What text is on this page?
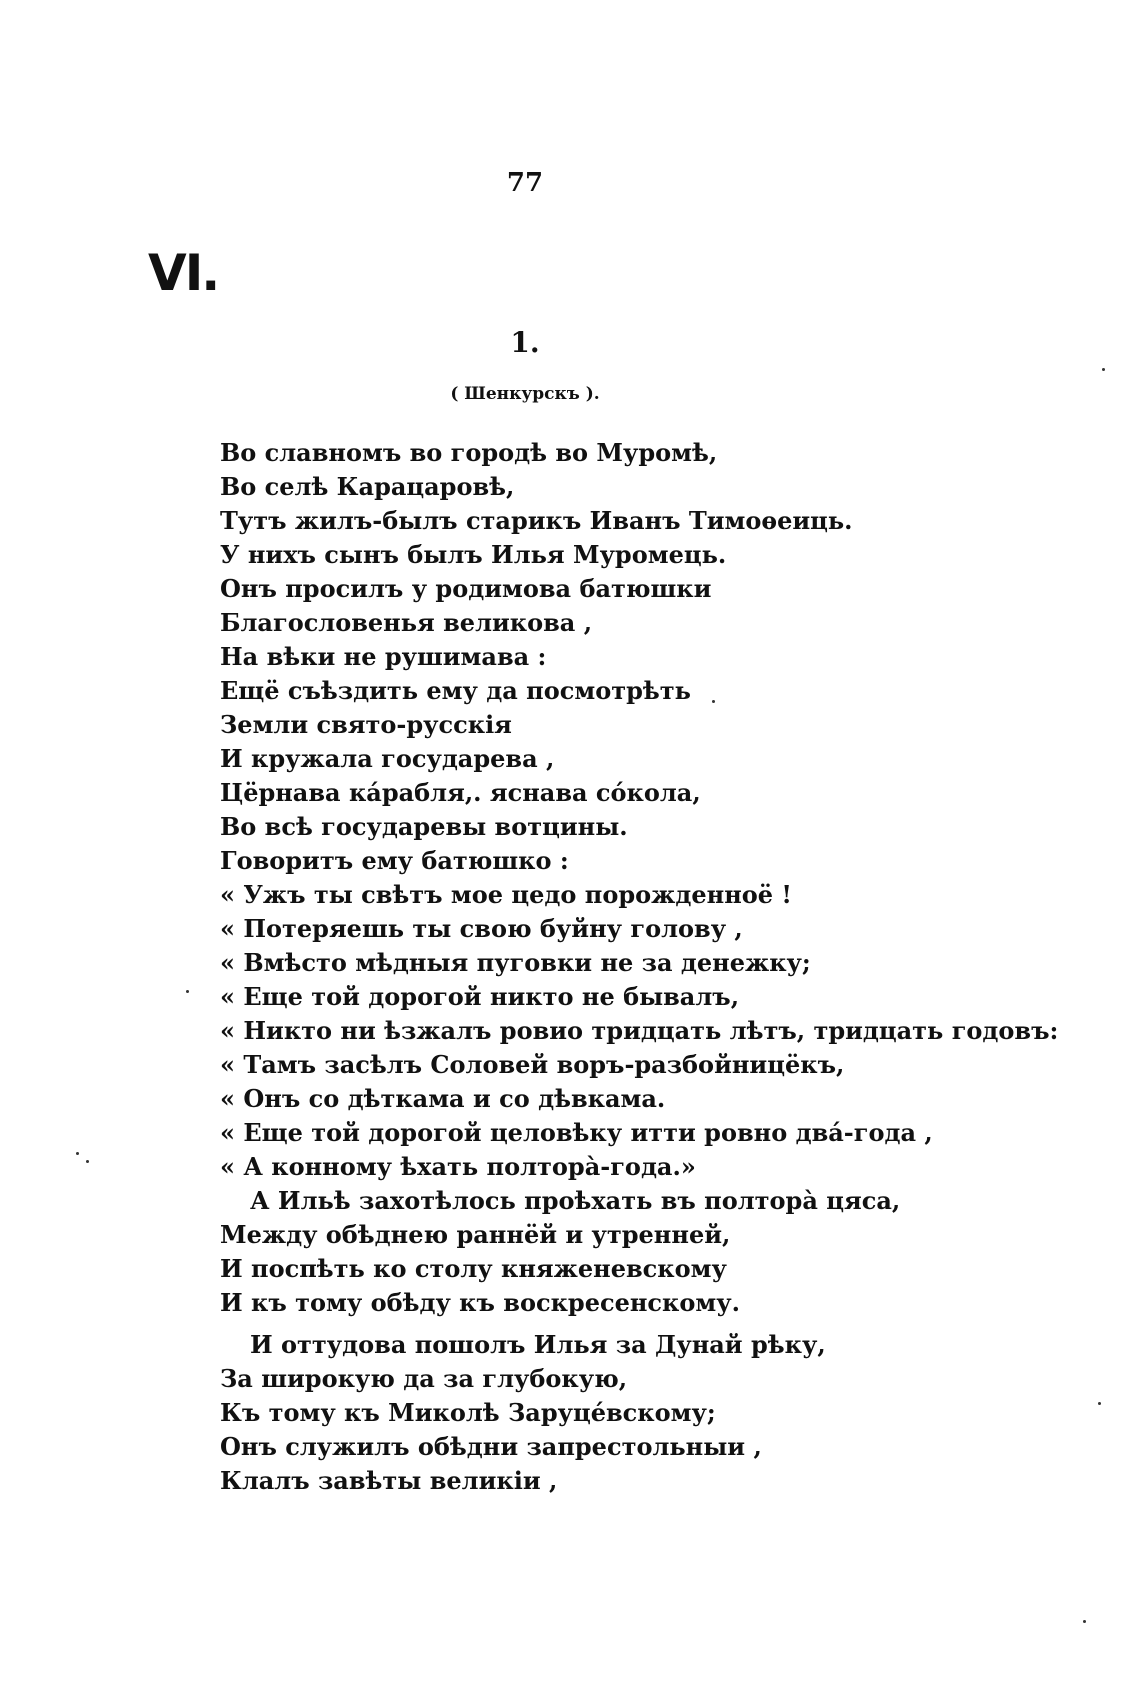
77
VI.
1.
( Шенкурскъ ).
Во славномъ во городѣ во Муромѣ,
Во селѣ Карацаровѣ,
Тутъ жилъ-былъ старикъ Иванъ Тимоѳеиць.
У нихъ сынъ былъ Илья Муромець.
Онъ просилъ у родимова батюшки
Благословенья великова ,
На вѣки не рушимава :
Ещё съѣздить ему да посмотрѣть
Земли свято-русскія
И кружала государева ,
Цёрнава кáрабля,. яснава сóкола,
Во всѣ государевы вотцины.
Говоритъ ему батюшко :
« Ужъ ты свѣтъ мое цедо порожденноё !
« Потеряешь ты свою буйну голову ,
« Вмѣсто мѣдныя пуговки не за денежку;
« Еще той дорогой никто не бывалъ,
« Никто ни ѣзжалъ ровио тридцать лѣтъ, тридцать годовъ:
« Тамъ засѣлъ Соловей воръ-разбойницёкъ,
« Онъ со дѣткама и со дѣвкама.
« Еще той дорогой целовѣку итти ровно двá-года ,
« А конному ѣхать полторà-года.»
А Ильѣ захотѣлось проѣхать въ полторà цяса,
Между обѣднею раннёй и утренней,
И поспѣть ко столу княженевскому
И къ тому обѣду къ воскресенскому.
И оттудова пошолъ Илья за Дунай рѣку,
За широкую да за глубокую,
Къ тому къ Миколѣ Заруцéвскому;
Онъ служилъ обѣдни запрестольныи ,
Клалъ завѣты великіи ,
